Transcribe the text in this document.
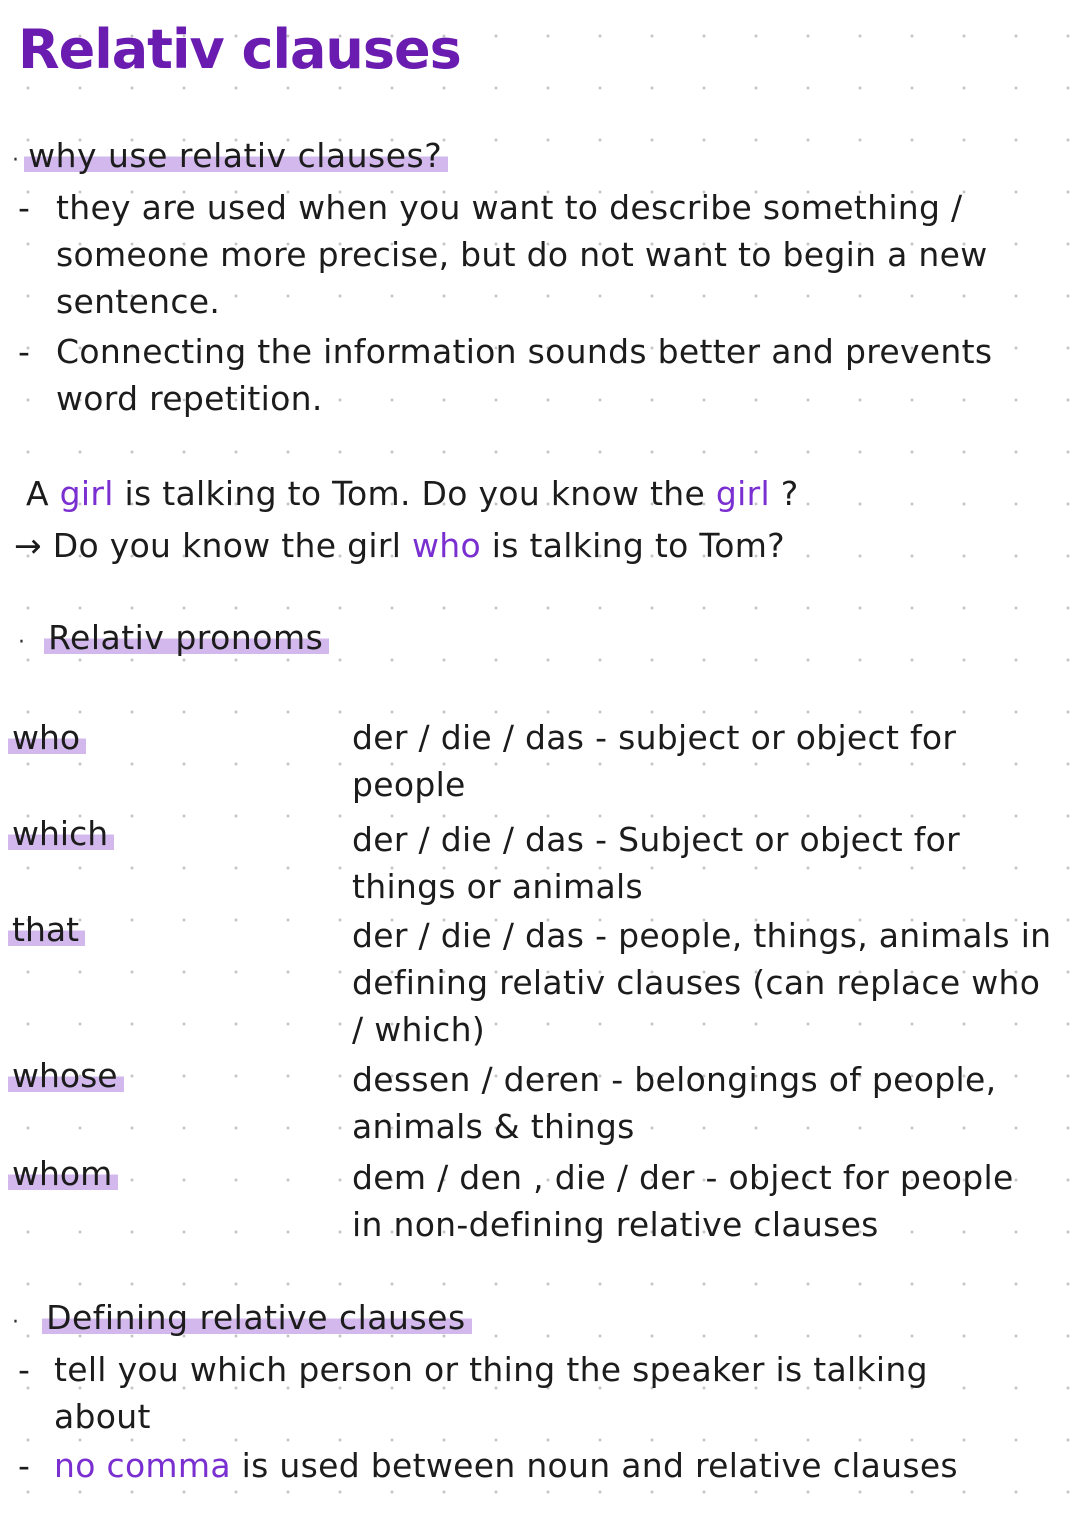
Relativ clauses
· why use relativ clauses?
- they are used when you want to describe something / someone more precise, but do not want to begin a new sentence.
- Connecting the information sounds better and prevents word repetition.
A girl is talking to Tom. Do you know the girl ?
→ Do you know the girl who is talking to Tom?
· Relativ pronoms
who	der / die / das - subject or object for people
which	der / die / das - Subject or object for things or animals
that	der / die / das - people, things, animals in defining relativ clauses (can replace who / which)
whose	dessen / deren - belongings of people, animals & things
whom	dem / den , die / der - object for people in non-defining relative clauses
· Defining relative clauses
- tell you which person or thing the speaker is talking about
- no comma is used between noun and relative clauses
